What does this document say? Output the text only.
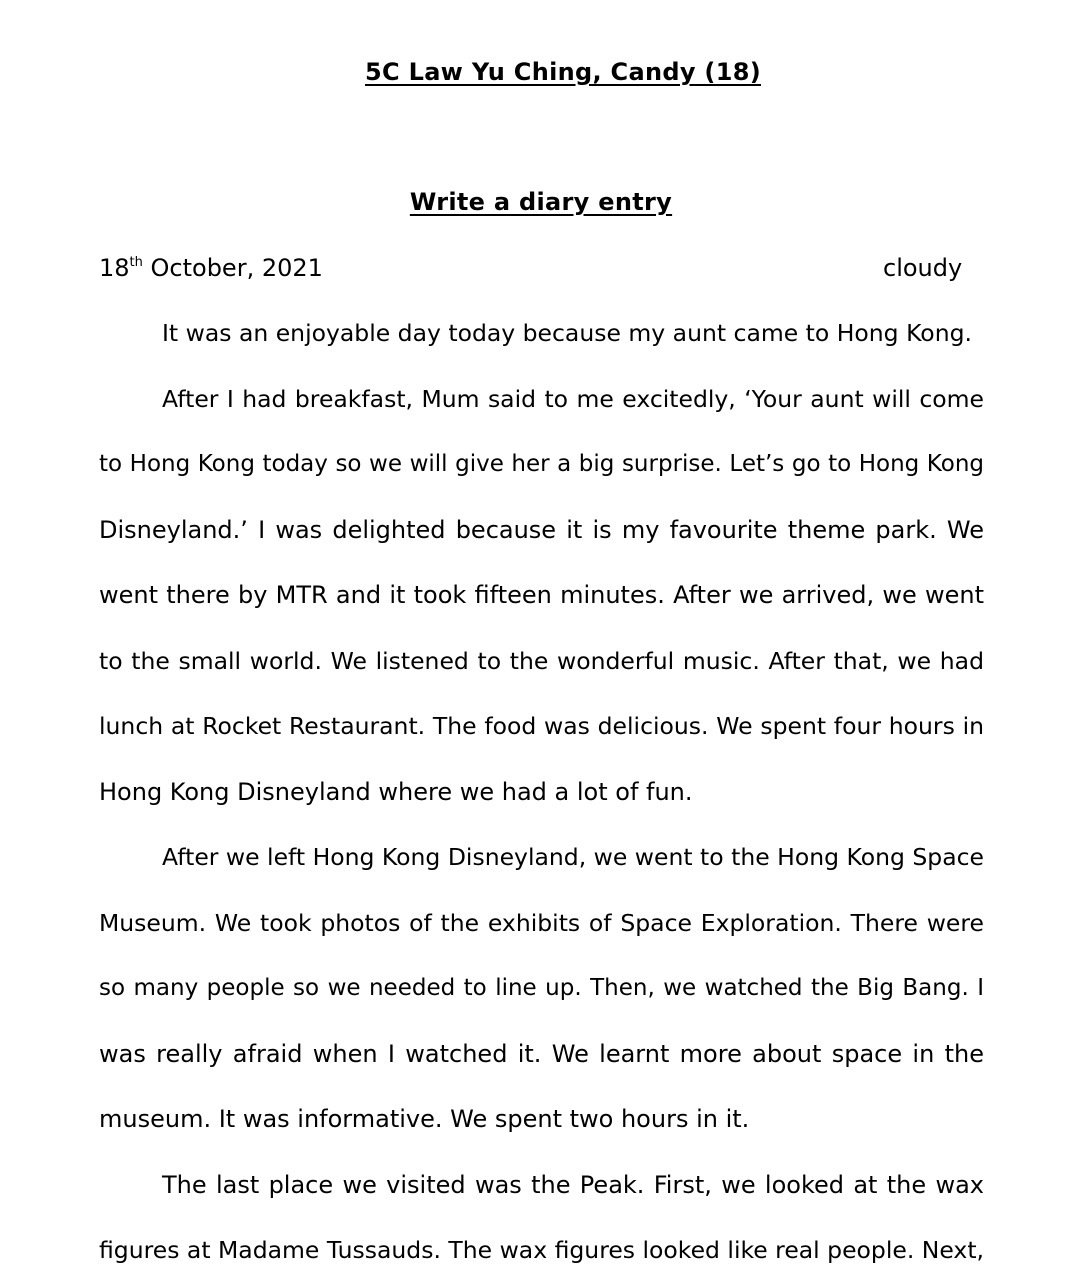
5C Law Yu Ching, Candy (18)
Write a diary entry
18th October, 2021	cloudy
It was an enjoyable day today because my aunt came to Hong Kong.
After I had breakfast, Mum said to me excitedly, ‘Your aunt will come
to Hong Kong today so we will give her a big surprise. Let’s go to Hong Kong
Disneyland.’ I was delighted because it is my favourite theme park. We
went there by MTR and it took fifteen minutes. After we arrived, we went
to the small world. We listened to the wonderful music. After that, we had
lunch at Rocket Restaurant. The food was delicious. We spent four hours in
Hong Kong Disneyland where we had a lot of fun.
After we left Hong Kong Disneyland, we went to the Hong Kong Space
Museum. We took photos of the exhibits of Space Exploration. There were
so many people so we needed to line up. Then, we watched the Big Bang. I
was really afraid when I watched it. We learnt more about space in the
museum. It was informative. We spent two hours in it.
The last place we visited was the Peak. First, we looked at the wax
figures at Madame Tussauds. The wax figures looked like real people. Next,
